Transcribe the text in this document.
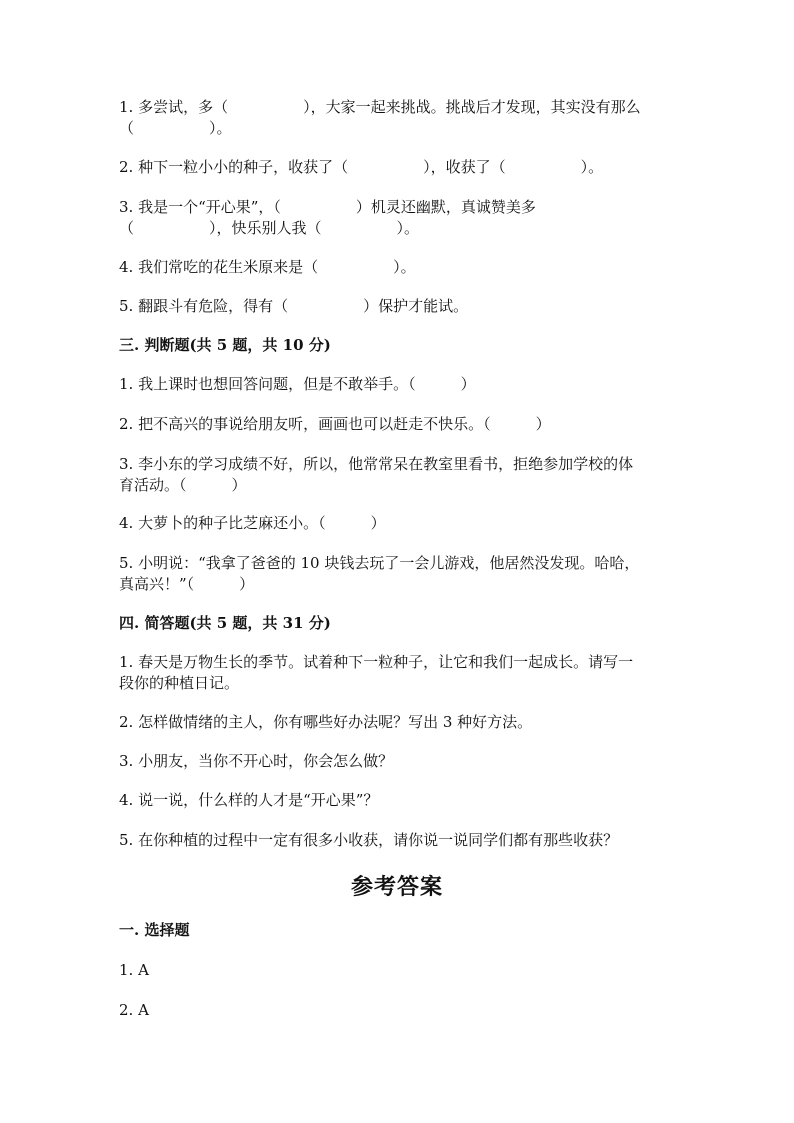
1. 多尝试，多（　　　　　），大家一起来挑战。挑战后才发现，其实没有那么
（　　　　　）。
2. 种下一粒小小的种子，收获了（　　　　　），收获了（　　　　　）。
3. 我是一个“开心果”，（　　　　　）机灵还幽默，真诚赞美多
（　　　　　），快乐别人我（　　　　　）。
4. 我们常吃的花生米原来是（　　　　　）。
5. 翻跟斗有危险，得有（　　　　　）保护才能试。
三. 判断题(共 5 题，共 10 分)
1. 我上课时也想回答问题，但是不敢举手。（　　　）
2. 把不高兴的事说给朋友听，画画也可以赶走不快乐。（　　　）
3. 李小东的学习成绩不好，所以，他常常呆在教室里看书，拒绝参加学校的体
育活动。（　　　）
4. 大萝卜的种子比芝麻还小。（　　　）
5. 小明说：“我拿了爸爸的 10 块钱去玩了一会儿游戏，他居然没发现。哈哈，
真高兴！”（　　　）
四. 简答题(共 5 题，共 31 分)
1. 春天是万物生长的季节。试着种下一粒种子，让它和我们一起成长。请写一
段你的种植日记。
2. 怎样做情绪的主人，你有哪些好办法呢？写出 3 种好方法。
3. 小朋友，当你不开心时，你会怎么做？
4. 说一说，什么样的人才是“开心果”？
5. 在你种植的过程中一定有很多小收获，请你说一说同学们都有那些收获？
参考答案
一. 选择题
1. A
2. A
